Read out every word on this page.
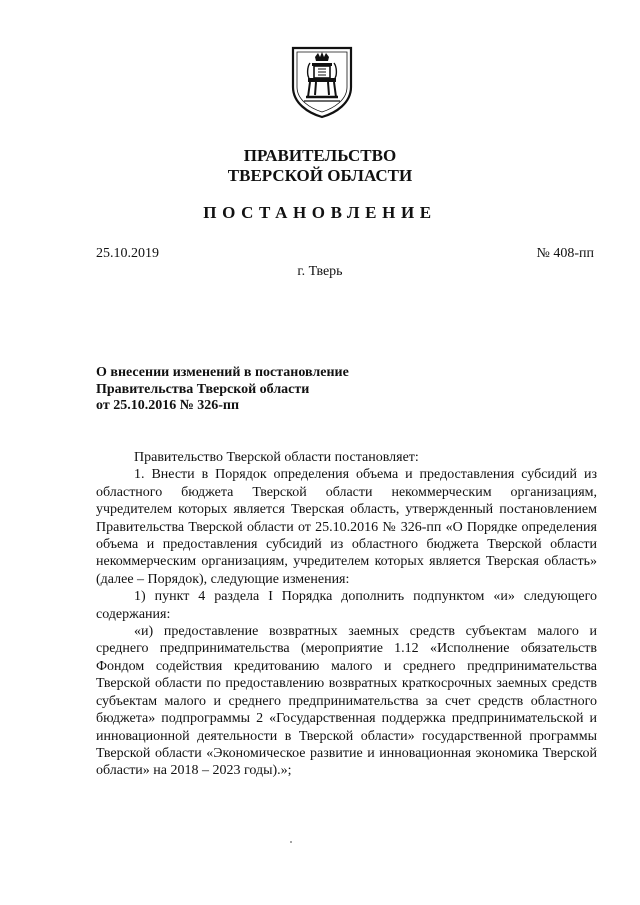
ПРАВИТЕЛЬСТВО
ТВЕРСКОЙ ОБЛАСТИ
ПОСТАНОВЛЕНИЕ
25.10.2019	№ 408-пп
г. Тверь
О внесении изменений в постановление
Правительства Тверской области
от 25.10.2016 № 326-пп

Правительство Тверской области постановляет:

1. Внести в Порядок определения объема и предоставления субсидий из областного бюджета Тверской области некоммерческим организациям, учредителем которых является Тверская область, утвержденный постановлением Правительства Тверской области от 25.10.2016 № 326-пп «О Порядке определения объема и предоставления субсидий из областного бюджета Тверской области некоммерческим организациям, учредителем которых является Тверская область» (далее – Порядок), следующие изменения:

1) пункт 4 раздела I Порядка дополнить подпунктом «и» следующего содержания:

«и) предоставление возвратных заемных средств субъектам малого и среднего предпринимательства (мероприятие 1.12 «Исполнение обязательств Фондом содействия кредитованию малого и среднего предпринимательства Тверской области по предоставлению возвратных краткосрочных заемных средств субъектам малого и среднего предпринимательства за счет средств областного бюджета» подпрограммы 2 «Государственная поддержка предпринимательской и инновационной деятельности в Тверской области» государственной программы Тверской области «Экономическое развитие и инновационная экономика Тверской области» на 2018 – 2023 годы).»;
